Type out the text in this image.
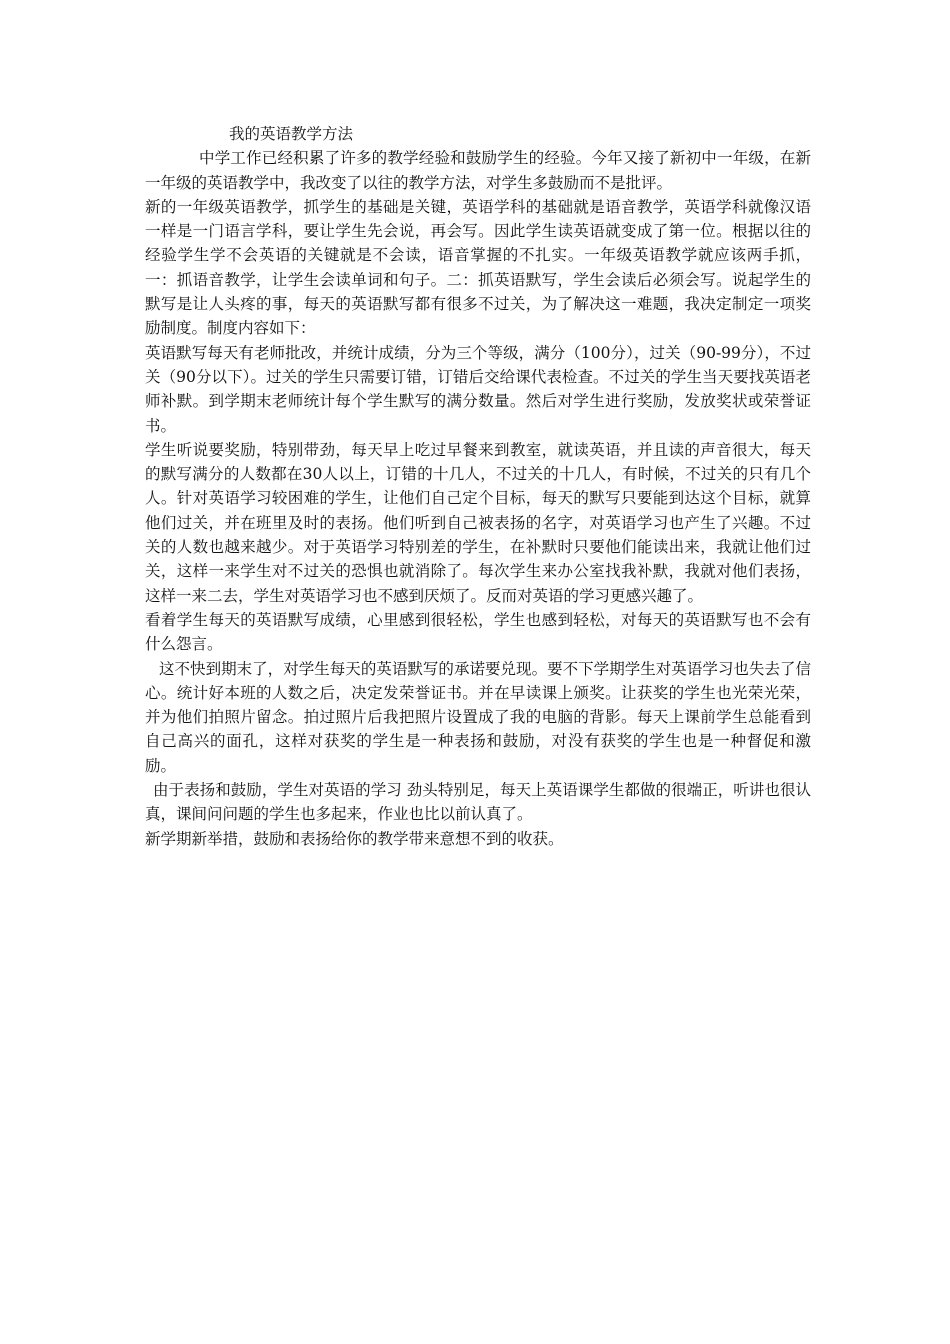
我的英语教学方法

中学工作已经积累了许多的教学经验和鼓励学生的经验。今年又接了新初中一年级，在新一年级的英语教学中，我改变了以往的教学方法，对学生多鼓励而不是批评。

新的一年级英语教学，抓学生的基础是关键，英语学科的基础就是语音教学，英语学科就像汉语一样是一门语言学科，要让学生先会说，再会写。因此学生读英语就变成了第一位。根据以往的经验学生学不会英语的关键就是不会读，语音掌握的不扎实。一年级英语教学就应该两手抓，一：抓语音教学，让学生会读单词和句子。二：抓英语默写，学生会读后必须会写。说起学生的默写是让人头疼的事，每天的英语默写都有很多不过关，为了解决这一难题，我决定制定一项奖励制度。制度内容如下：

英语默写每天有老师批改，并统计成绩，分为三个等级，满分（100分），过关（90-99分），不过关（90分以下）。过关的学生只需要订错，订错后交给课代表检查。不过关的学生当天要找英语老师补默。到学期末老师统计每个学生默写的满分数量。然后对学生进行奖励，发放奖状或荣誉证书。

学生听说要奖励，特别带劲，每天早上吃过早餐来到教室，就读英语，并且读的声音很大，每天的默写满分的人数都在30人以上，订错的十几人，不过关的十几人，有时候，不过关的只有几个人。针对英语学习较困难的学生，让他们自己定个目标，每天的默写只要能到达这个目标，就算他们过关，并在班里及时的表扬。他们听到自己被表扬的名字，对英语学习也产生了兴趣。不过关的人数也越来越少。对于英语学习特别差的学生，在补默时只要他们能读出来，我就让他们过关，这样一来学生对不过关的恐惧也就消除了。每次学生来办公室找我补默，我就对他们表扬，这样一来二去，学生对英语学习也不感到厌烦了。反而对英语的学习更感兴趣了。

看着学生每天的英语默写成绩，心里感到很轻松，学生也感到轻松，对每天的英语默写也不会有什么怨言。

这不快到期末了，对学生每天的英语默写的承诺要兑现。要不下学期学生对英语学习也失去了信心。统计好本班的人数之后，决定发荣誉证书。并在早读课上颁奖。让获奖的学生也光荣光荣，并为他们拍照片留念。拍过照片后我把照片设置成了我的电脑的背影。每天上课前学生总能看到自己高兴的面孔，这样对获奖的学生是一种表扬和鼓励，对没有获奖的学生也是一种督促和激励。

由于表扬和鼓励，学生对英语的学习 劲头特别足，每天上英语课学生都做的很端正，听讲也很认真，课间问问题的学生也多起来，作业也比以前认真了。

新学期新举措，鼓励和表扬给你的教学带来意想不到的收获。
